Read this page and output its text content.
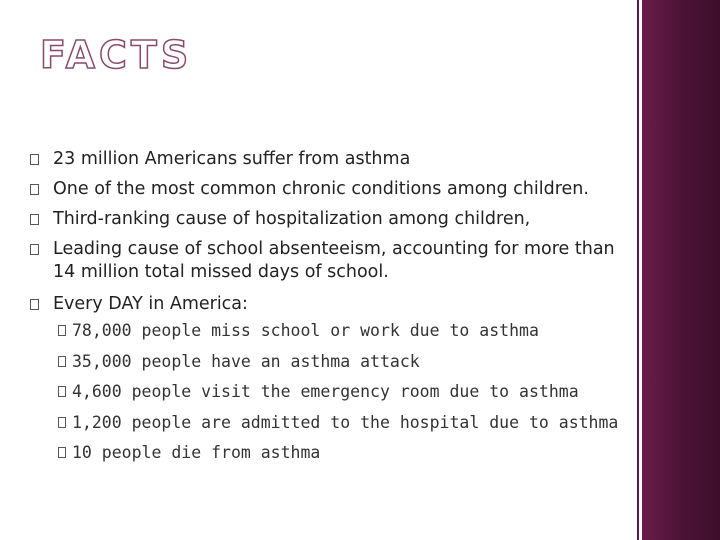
FACTS
23 million Americans suffer from asthma
One of the most common chronic conditions among children.
Third-ranking cause of hospitalization among children,
Leading cause of school absenteeism, accounting for more than 14 million total missed days of school.
Every DAY in America:
78,000 people miss school or work due to asthma
35,000 people have an asthma attack
4,600 people visit the emergency room due to asthma
1,200 people are admitted to the hospital due to asthma
10 people die from asthma
